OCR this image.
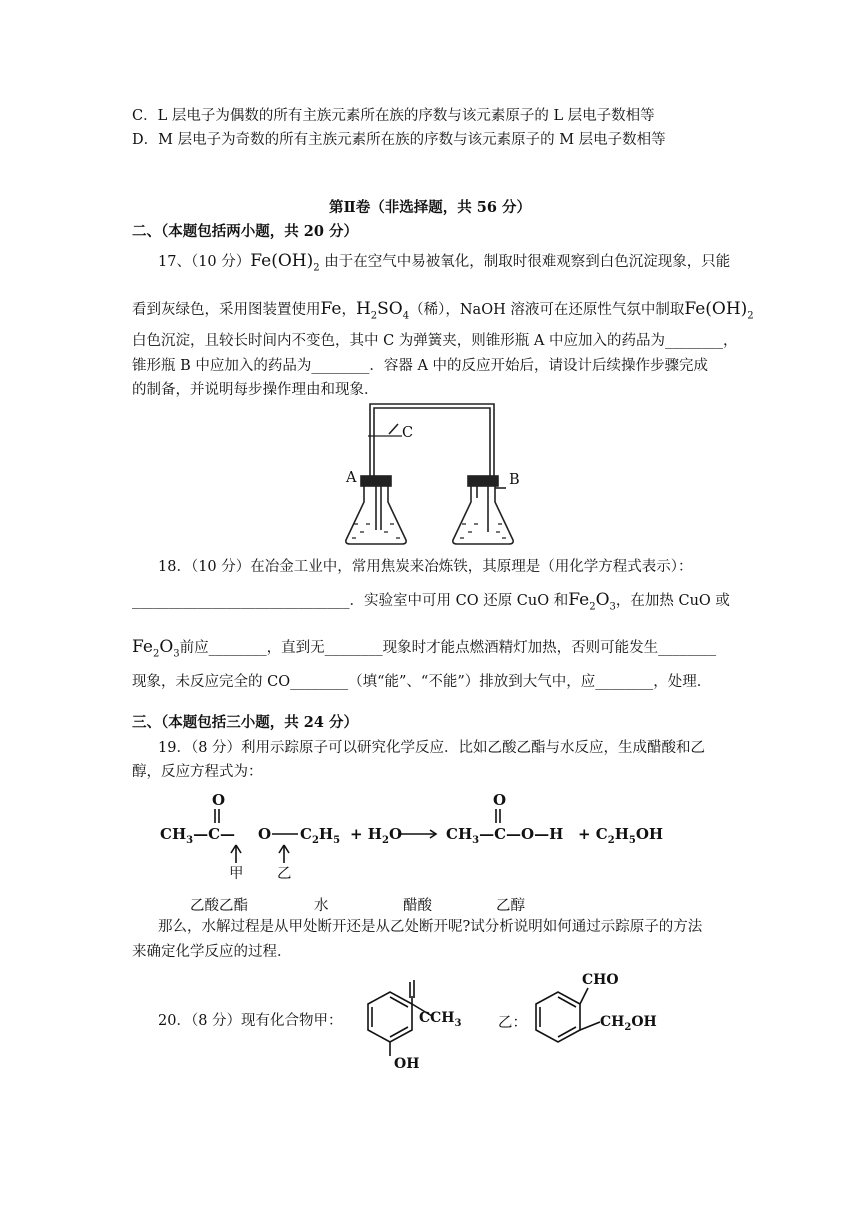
C．L 层电子为偶数的所有主族元素所在族的序数与该元素原子的 L 层电子数相等
D．M 层电子为奇数的所有主族元素所在族的序数与该元素原子的 M 层电子数相等
第Ⅱ卷（非选择题，共 56 分）
二、（本题包括两小题，共 20 分）
17、（10 分）$Fe(OH)_2$ 由于在空气中易被氧化，制取时很难观察到白色沉淀现象，只能
看到灰绿色，采用图装置使用Fe，$H_2SO_4$（稀），NaOH 溶液可在还原性气氛中制取$Fe(OH)_2$
白色沉淀，且较长时间内不变色，其中 C 为弹簧夹，则锥形瓶 A 中应加入的药品为________，
锥形瓶 B 中应加入的药品为________．容器 A 中的反应开始后，请设计后续操作步骤完成
的制备，并说明每步操作理由和现象．
A	B
C
18．（10 分）在冶金工业中，常用焦炭来冶炼铁，其原理是（用化学方程式表示）：
______________________________．实验室中可用 CO 还原 CuO 和$Fe_2O_3$，在加热 CuO 或
$Fe_2O_3$前应________，直到无________现象时才能点燃酒精灯加热，否则可能发生________
现象，未反应完全的 CO________（填“能”、“不能”）排放到大气中，应________，处理．
三、（本题包括三小题，共 24 分）
19．（8 分）利用示踪原子可以研究化学反应．比如乙酸乙酯与水反应，生成醋酸和乙
醇，反应方程式为：
$CH_3—C—$
O
O $C_2H_5 + H_2O$	$CH_3—C—O—H$
O
+ $C_2H_5OH$
甲 乙
乙酸乙酯	水	醋酸	乙醇
那么，水解过程是从甲处断开还是从乙处断开呢?试分析说明如何通过示踪原子的方法
来确定化学反应的过程．
20．（8 分）现有化合物甲：	$CCH_3$
OH
乙：
CHO
$CH_2OH$
